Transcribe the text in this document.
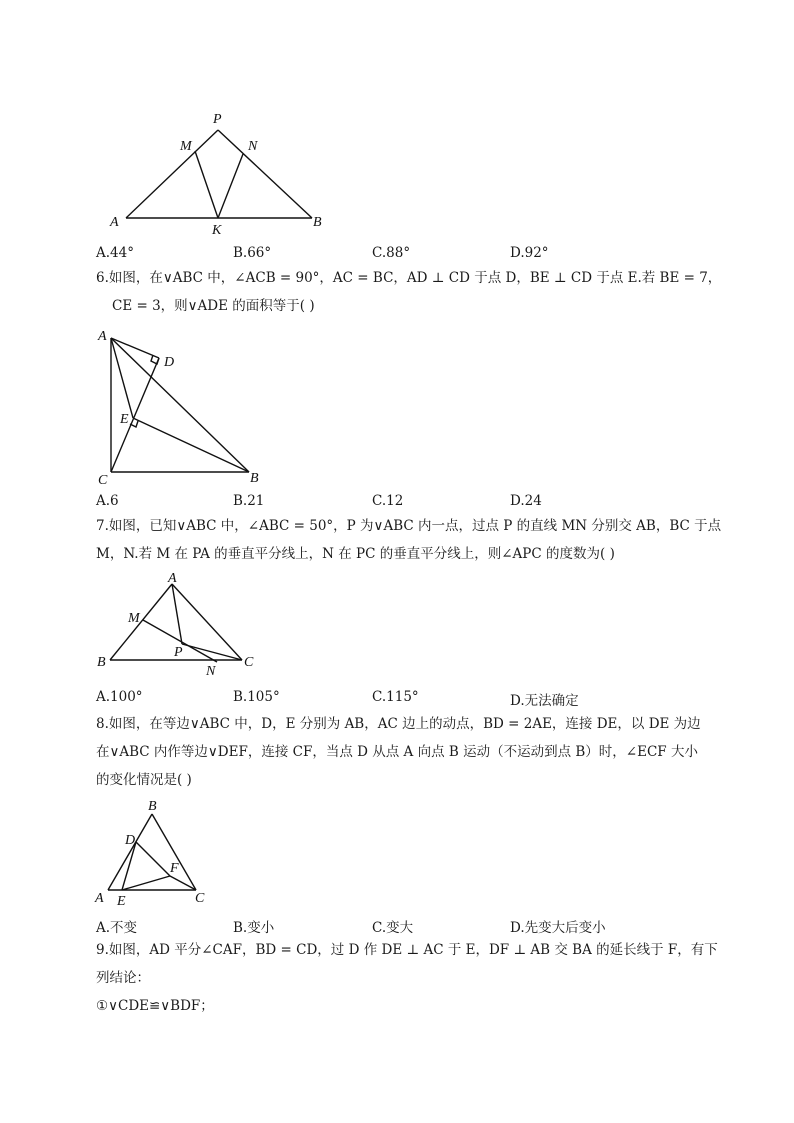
P
M	N
A	B
K
A.44°	B.66°	C.88°	D.92°
6.如图，在∨ABC 中，∠ACB = 90°，AC = BC，AD ⊥ CD 于点 D，BE ⊥ CD 于点 E.若 BE = 7，
CE = 3，则∨ADE 的面积等于( )
A
D
E
C	B
A.6	B.21	C.12	D.24
7.如图，已知∨ABC 中，∠ABC = 50°，P 为∨ABC 内一点，过点 P 的直线 MN 分别交 AB，BC 于点
M，N.若 M 在 PA 的垂直平分线上，N 在 PC 的垂直平分线上，则∠APC 的度数为( )
A
M
P
B
N
C
A.100°	B.105°	C.115°	D.无法确定
8.如图，在等边∨ABC 中，D，E 分别为 AB，AC 边上的动点，BD = 2AE，连接 DE，以 DE 为边
在∨ABC 内作等边∨DEF，连接 CF，当点 D 从点 A 向点 B 运动（不运动到点 B）时，∠ECF 大小
的变化情况是( )
B
D
F
A E	C
A.不变	B.变小	C.变大	D.先变大后变小
9.如图，AD 平分∠CAF，BD = CD，过 D 作 DE ⊥ AC 于 E，DF ⊥ AB 交 BA 的延长线于 F，有下
列结论：
①∨CDE≌∨BDF；
